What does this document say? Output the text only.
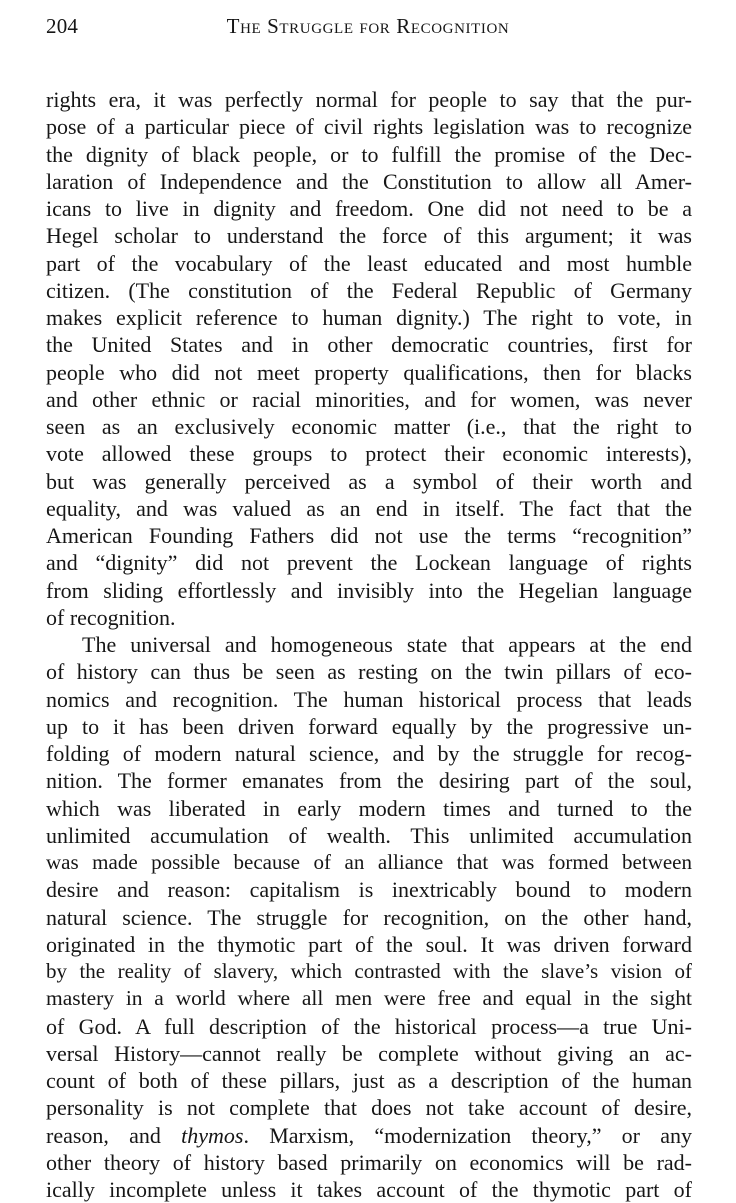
204	The Struggle for Recognition
rights era, it was perfectly normal for people to say that the pur-
pose of a particular piece of civil rights legislation was to recognize
the dignity of black people, or to fulfill the promise of the Dec-
laration of Independence and the Constitution to allow all Amer-
icans to live in dignity and freedom. One did not need to be a
Hegel scholar to understand the force of this argument; it was
part of the vocabulary of the least educated and most humble
citizen. (The constitution of the Federal Republic of Germany
makes explicit reference to human dignity.) The right to vote, in
the United States and in other democratic countries, first for
people who did not meet property qualifications, then for blacks
and other ethnic or racial minorities, and for women, was never
seen as an exclusively economic matter (i.e., that the right to
vote allowed these groups to protect their economic interests),
but was generally perceived as a symbol of their worth and
equality, and was valued as an end in itself. The fact that the
American Founding Fathers did not use the terms “recognition”
and “dignity” did not prevent the Lockean language of rights
from sliding effortlessly and invisibly into the Hegelian language
of recognition.
The universal and homogeneous state that appears at the end
of history can thus be seen as resting on the twin pillars of eco-
nomics and recognition. The human historical process that leads
up to it has been driven forward equally by the progressive un-
folding of modern natural science, and by the struggle for recog-
nition. The former emanates from the desiring part of the soul,
which was liberated in early modern times and turned to the
unlimited accumulation of wealth. This unlimited accumulation
was made possible because of an alliance that was formed between
desire and reason: capitalism is inextricably bound to modern
natural science. The struggle for recognition, on the other hand,
originated in the thymotic part of the soul. It was driven forward
by the reality of slavery, which contrasted with the slave’s vision of
mastery in a world where all men were free and equal in the sight
of God. A full description of the historical process—a true Uni-
versal History—cannot really be complete without giving an ac-
count of both of these pillars, just as a description of the human
personality is not complete that does not take account of desire,
reason, and thymos. Marxism, “modernization theory,” or any
other theory of history based primarily on economics will be rad-
ically incomplete unless it takes account of the thymotic part of
